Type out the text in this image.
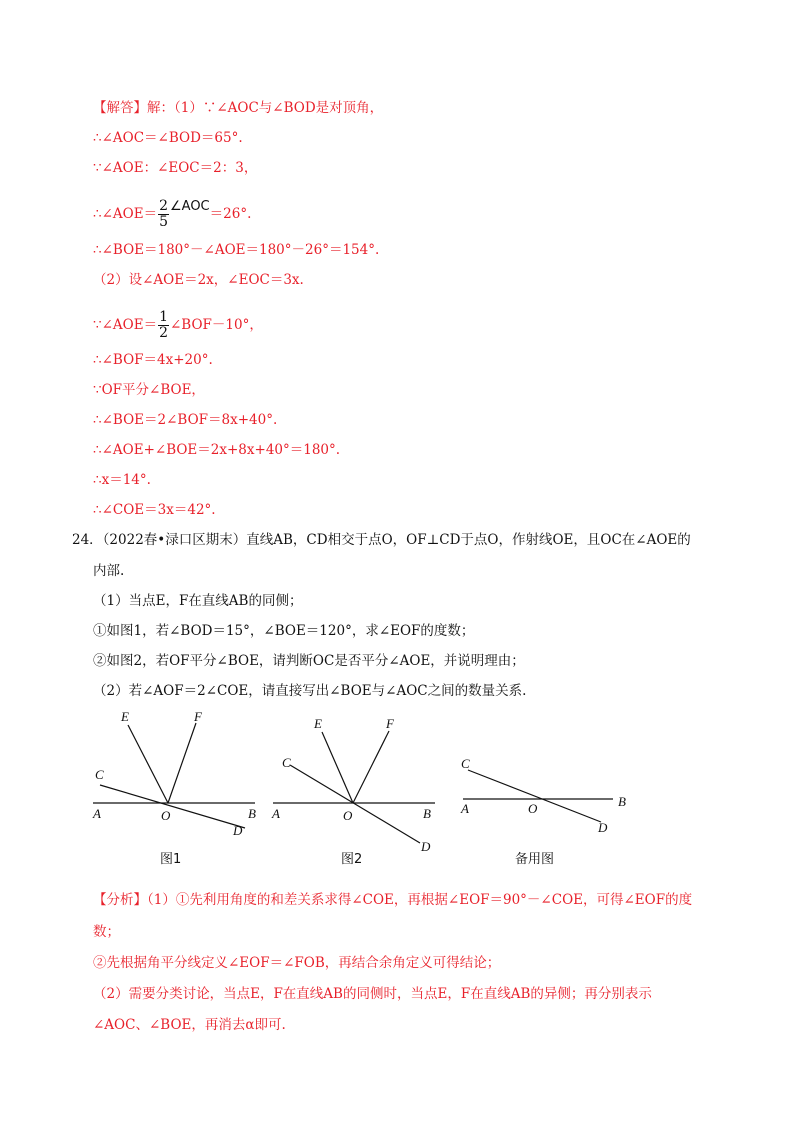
【解答】解：（1）∵∠AOC与∠BOD是对顶角，
∴∠AOC＝∠BOD＝65°.
∵∠AOE：∠EOC＝2：3，
∴∠AOE＝ $\frac{2}{5}$ ∠AOC＝26°.
∴∠BOE＝180°－∠AOE＝180°－26°＝154°.
（2）设∠AOE＝2x，∠EOC＝3x.
∵∠AOE＝ $\frac{1}{2}$ ∠BOF－10°，
∴∠BOF＝4x+20°.
∵OF平分∠BOE，
∴∠BOE＝2∠BOF＝8x+40°.
∴∠AOE+∠BOE＝2x+8x+40°＝180°.
∴x＝14°.
∴∠COE＝3x＝42°.
24．（2022春•渌口区期末）直线AB，CD相交于点O，OF⊥CD于点O，作射线OE，且OC在∠AOE的
内部.
（1）当点E，F在直线AB的同侧；
①如图1，若∠BOD＝15°，∠BOE＝120°，求∠EOF的度数；
②如图2，若OF平分∠BOE，请判断OC是否平分∠AOE，并说明理由；
（2）若∠AOF＝2∠COE，请直接写出∠BOE与∠AOC之间的数量关系.
A	B
C
D
E	F
O	A	B
C
D
E	F
O	A	B
C
D
O
图1	图2	备用图
【分析】（1）①先利用角度的和差关系求得∠COE，再根据∠EOF＝90°－∠COE，可得∠EOF的度
数；
②先根据角平分线定义∠EOF＝∠FOB，再结合余角定义可得结论；
（2）需要分类讨论，当点E，F在直线AB的同侧时，当点E，F在直线AB的异侧；再分别表示
∠AOC、∠BOE，再消去α即可.
